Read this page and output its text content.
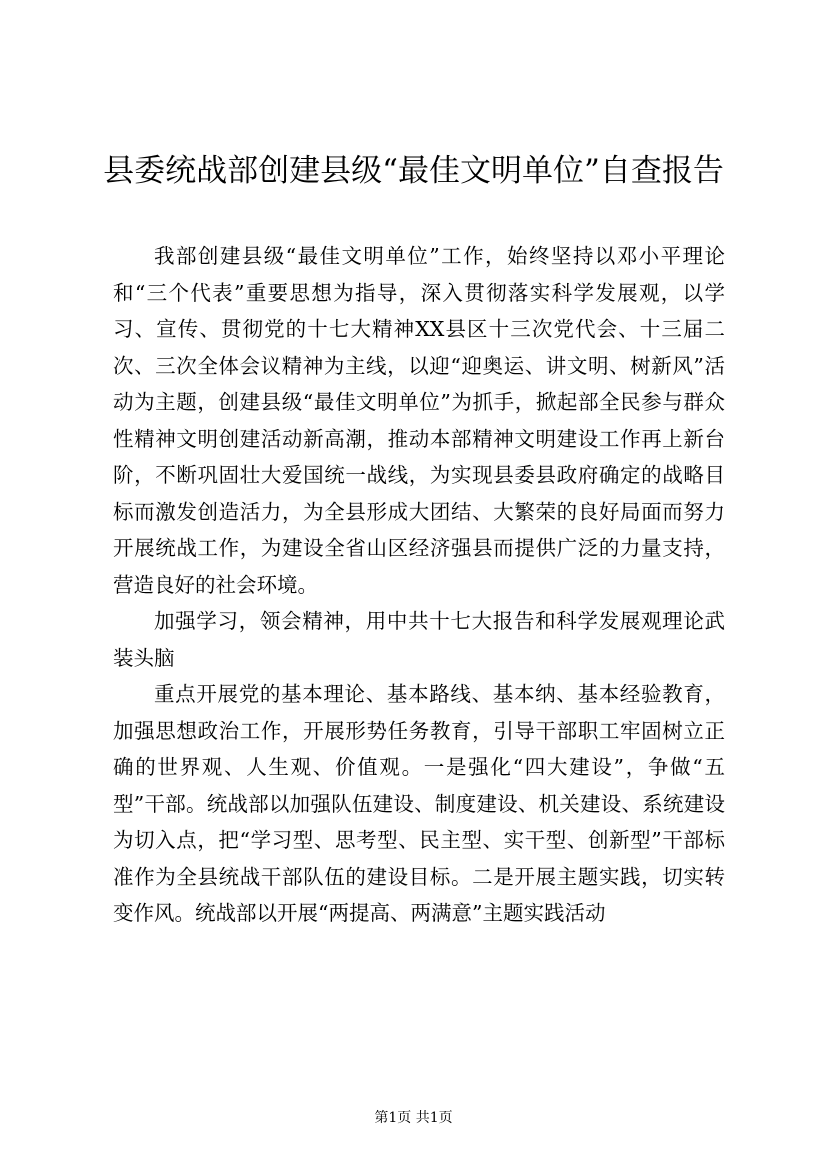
县委统战部创建县级“最佳文明单位”自查报告

我部创建县级“最佳文明单位”工作，始终坚持以邓小平理论和“三个代表”重要思想为指导，深入贯彻落实科学发展观，以学习、宣传、贯彻党的十七大精神XX县区十三次党代会、十三届二次、三次全体会议精神为主线，以迎“迎奥运、讲文明、树新风”活动为主题，创建县级“最佳文明单位”为抓手，掀起部全民参与群众性精神文明创建活动新高潮，推动本部精神文明建设工作再上新台阶，不断巩固壮大爱国统一战线，为实现县委县政府确定的战略目标而激发创造活力，为全县形成大团结、大繁荣的良好局面而努力开展统战工作，为建设全省山区经济强县而提供广泛的力量支持，营造良好的社会环境。

加强学习，领会精神，用中共十七大报告和科学发展观理论武装头脑

重点开展党的基本理论、基本路线、基本纳、基本经验教育，加强思想政治工作，开展形势任务教育，引导干部职工牢固树立正确的世界观、人生观、价值观。一是强化“四大建设”，争做“五型”干部。统战部以加强队伍建设、制度建设、机关建设、系统建设为切入点，把“学习型、思考型、民主型、实干型、创新型”干部标准作为全县统战干部队伍的建设目标。二是开展主题实践，切实转变作风。统战部以开展“两提高、两满意”主题实践活动

第1页 共1页
